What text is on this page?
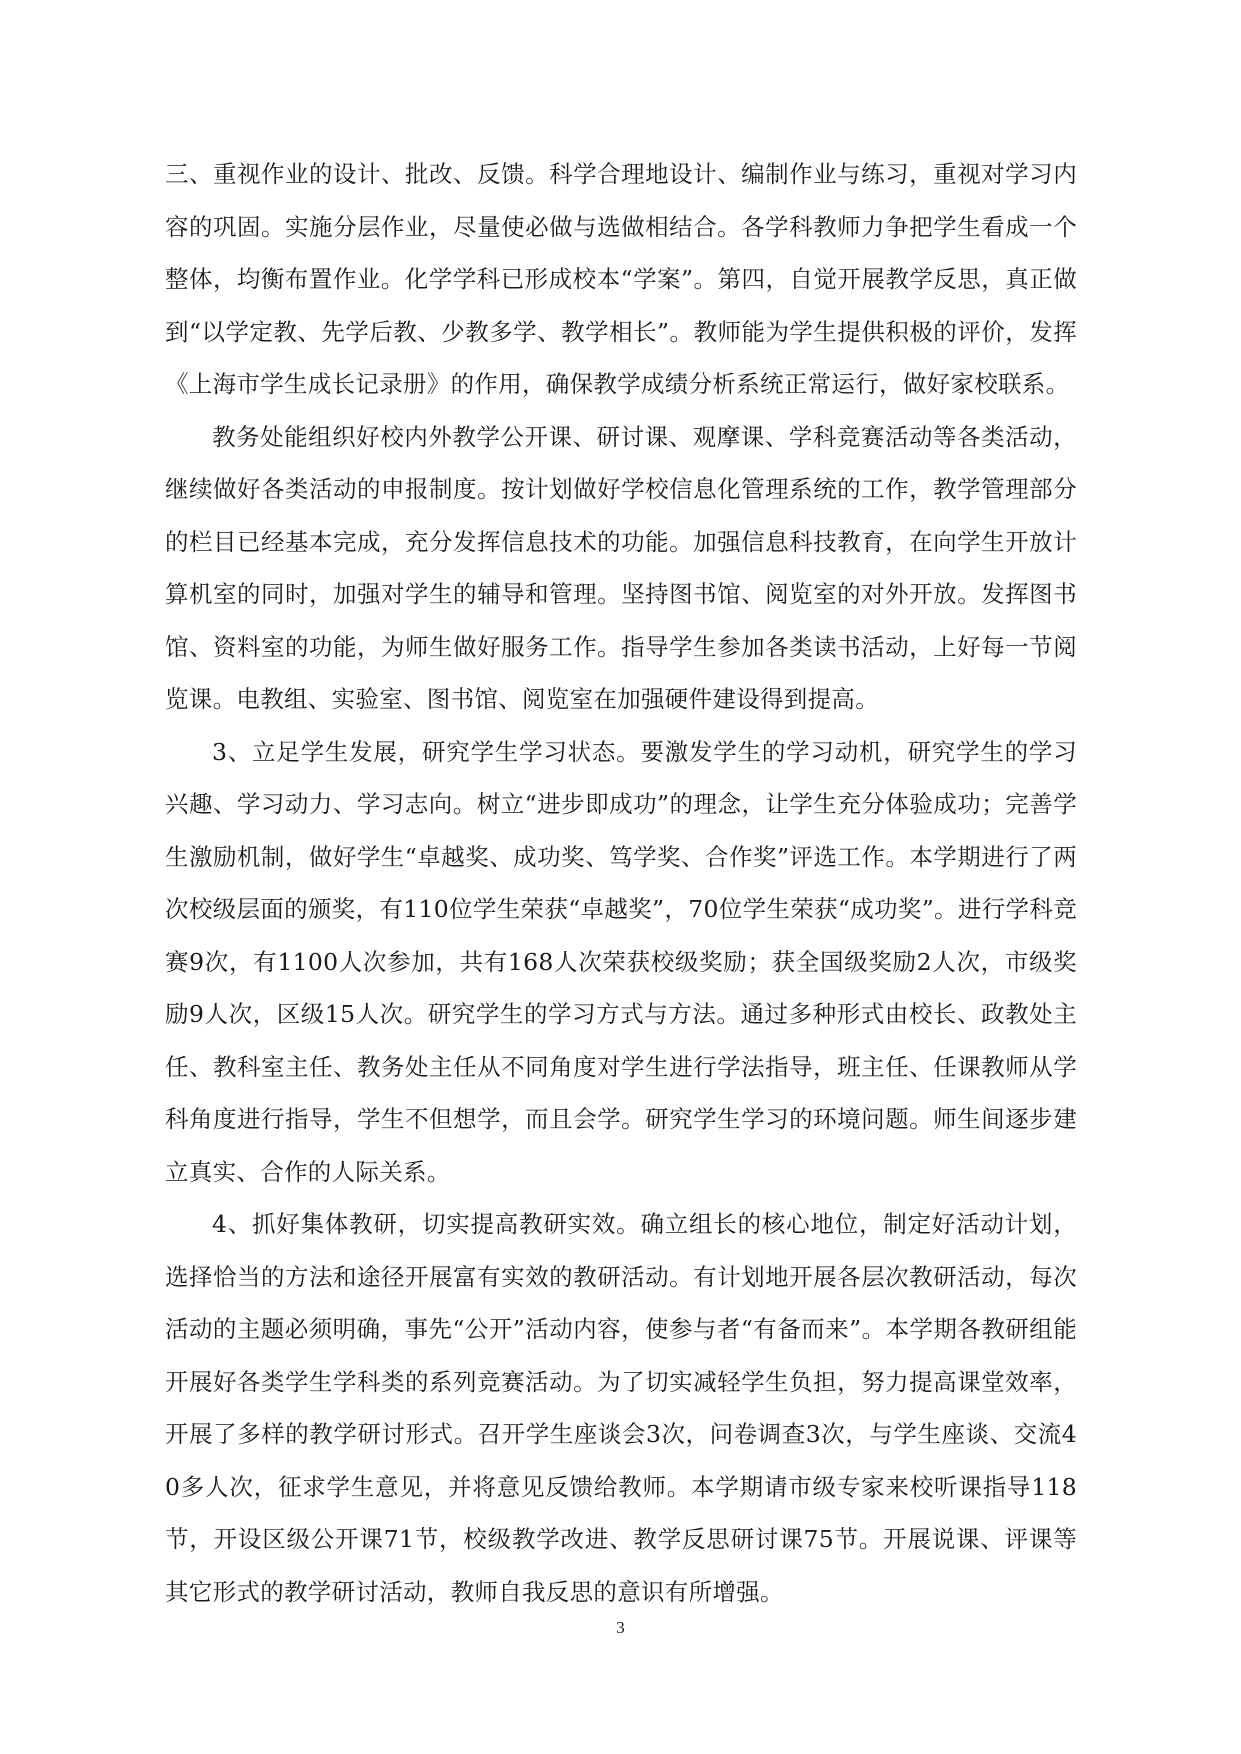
三、重视作业的设计、批改、反馈。科学合理地设计、编制作业与练习，重视对学习内容的巩固。实施分层作业，尽量使必做与选做相结合。各学科教师力争把学生看成一个整体，均衡布置作业。化学学科已形成校本“学案”。第四，自觉开展教学反思，真正做到“以学定教、先学后教、少教多学、教学相长”。教师能为学生提供积极的评价，发挥《上海市学生成长记录册》的作用，确保教学成绩分析系统正常运行，做好家校联系。

教务处能组织好校内外教学公开课、研讨课、观摩课、学科竞赛活动等各类活动，继续做好各类活动的申报制度。按计划做好学校信息化管理系统的工作，教学管理部分的栏目已经基本完成，充分发挥信息技术的功能。加强信息科技教育，在向学生开放计算机室的同时，加强对学生的辅导和管理。坚持图书馆、阅览室的对外开放。发挥图书馆、资料室的功能，为师生做好服务工作。指导学生参加各类读书活动，上好每一节阅览课。电教组、实验室、图书馆、阅览室在加强硬件建设得到提高。

3、立足学生发展，研究学生学习状态。要激发学生的学习动机，研究学生的学习兴趣、学习动力、学习志向。树立“进步即成功”的理念，让学生充分体验成功；完善学生激励机制，做好学生“卓越奖、成功奖、笃学奖、合作奖”评选工作。本学期进行了两次校级层面的颁奖，有110位学生荣获“卓越奖”，70位学生荣获“成功奖”。进行学科竞赛9次，有1100人次参加，共有168人次荣获校级奖励；获全国级奖励2人次，市级奖励9人次，区级15人次。研究学生的学习方式与方法。通过多种形式由校长、政教处主任、教科室主任、教务处主任从不同角度对学生进行学法指导，班主任、任课教师从学科角度进行指导，学生不但想学，而且会学。研究学生学习的环境问题。师生间逐步建立真实、合作的人际关系。

4、抓好集体教研，切实提高教研实效。确立组长的核心地位，制定好活动计划，选择恰当的方法和途径开展富有实效的教研活动。有计划地开展各层次教研活动，每次活动的主题必须明确，事先“公开”活动内容，使参与者“有备而来”。本学期各教研组能开展好各类学生学科类的系列竞赛活动。为了切实减轻学生负担，努力提高课堂效率，开展了多样的教学研讨形式。召开学生座谈会3次，问卷调查3次，与学生座谈、交流40多人次，征求学生意见，并将意见反馈给教师。本学期请市级专家来校听课指导118节，开设区级公开课71节，校级教学改进、教学反思研讨课75节。开展说课、评课等其它形式的教学研讨活动，教师自我反思的意识有所增强。

3
